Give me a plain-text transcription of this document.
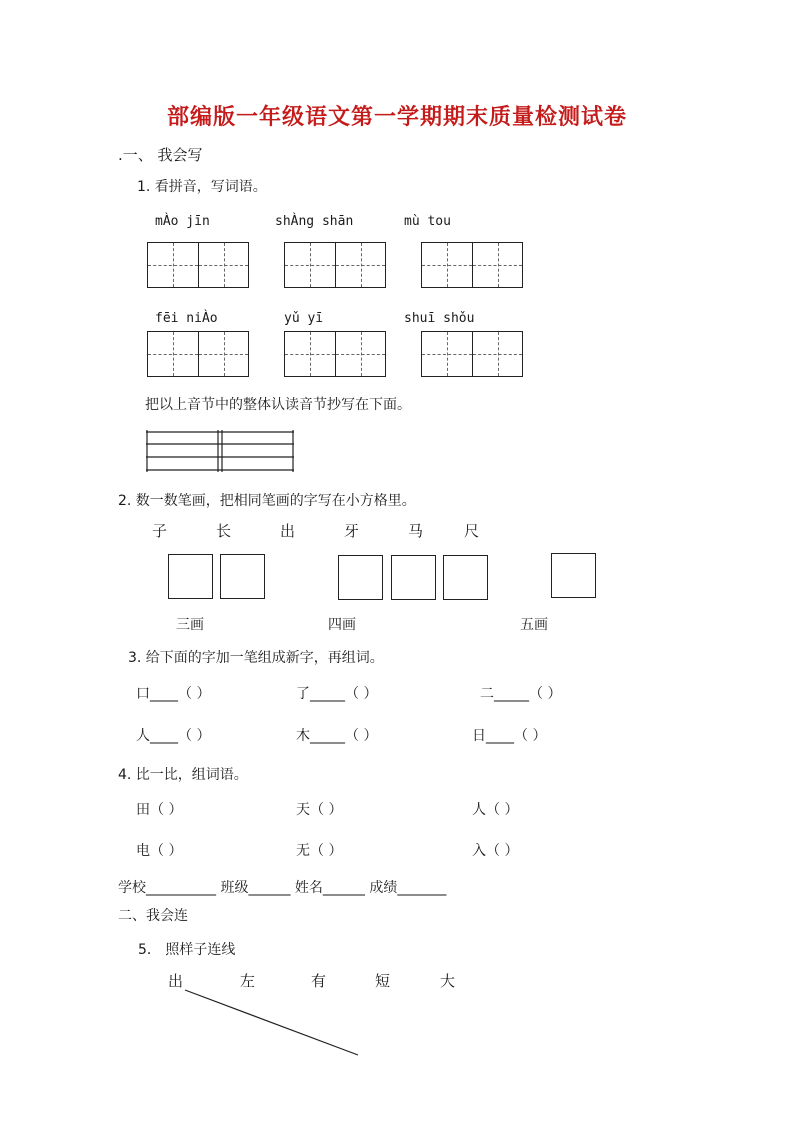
部编版一年级语文第一学期期末质量检测试卷
.一、 我会写
1. 看拼音，写词语。
mÀo jīn	shÀng shān	mù tou
fēi niÀo	yǔ yī	shuī shǒu
把以上音节中的整体认读音节抄写在下面。
2. 数一数笔画，把相同笔画的字写在小方格里。
子	长	出	牙	马	尺
三画	四画	五画
3. 给下面的字加一笔组成新字，再组词。
口____（ ）	了_____（ ）	二_____（ ）
人____（ ）	木_____（ ）	日____（ ）
4. 比一比，组词语。
田（ ）	天（ ）	人（ ）
电（ ）	无（ ）	入（ ）
学校__________ 班级______ 姓名______ 成绩_______
二、我会连
5． 照样子连线
出	左	有	短	大
